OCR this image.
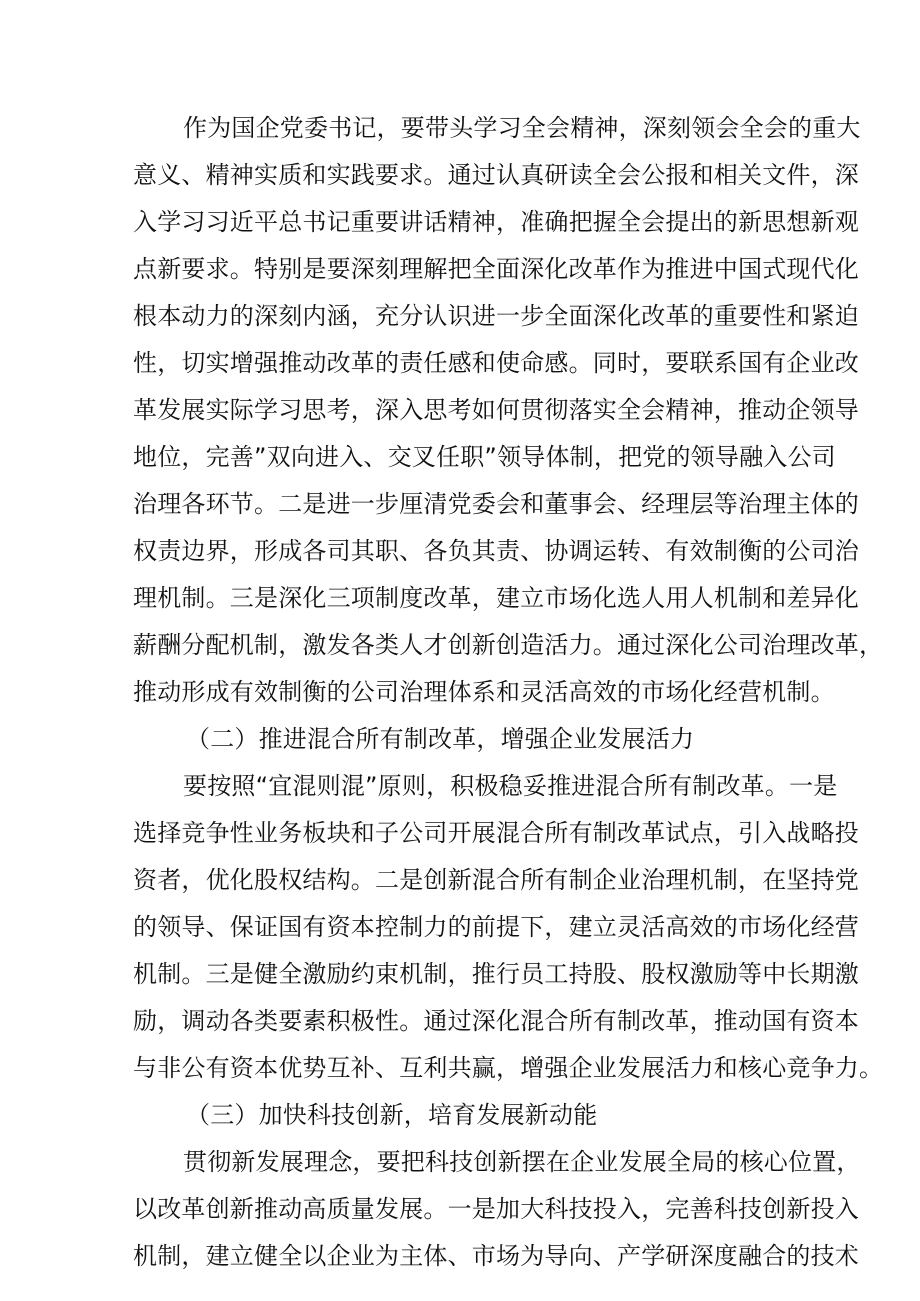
作为国企党委书记，要带头学习全会精神，深刻领会全会的重大
意义、精神实质和实践要求。通过认真研读全会公报和相关文件，深
入学习习近平总书记重要讲话精神，准确把握全会提出的新思想新观
点新要求。特别是要深刻理解把全面深化改革作为推进中国式现代化
根本动力的深刻内涵，充分认识进一步全面深化改革的重要性和紧迫
性，切实增强推动改革的责任感和使命感。同时，要联系国有企业改
革发展实际学习思考，深入思考如何贯彻落实全会精神，推动企领导
地位，完善”双向进入、交叉任职”领导体制，把党的领导融入公司
治理各环节。二是进一步厘清党委会和董事会、经理层等治理主体的
权责边界，形成各司其职、各负其责、协调运转、有效制衡的公司治
理机制。三是深化三项制度改革，建立市场化选人用人机制和差异化
薪酬分配机制，激发各类人才创新创造活力。通过深化公司治理改革，
推动形成有效制衡的公司治理体系和灵活高效的市场化经营机制。
（二）推进混合所有制改革，增强企业发展活力
要按照“宜混则混”原则，积极稳妥推进混合所有制改革。一是
选择竞争性业务板块和子公司开展混合所有制改革试点，引入战略投
资者，优化股权结构。二是创新混合所有制企业治理机制，在坚持党
的领导、保证国有资本控制力的前提下，建立灵活高效的市场化经营
机制。三是健全激励约束机制，推行员工持股、股权激励等中长期激
励，调动各类要素积极性。通过深化混合所有制改革，推动国有资本
与非公有资本优势互补、互利共赢，增强企业发展活力和核心竞争力。
（三）加快科技创新，培育发展新动能
贯彻新发展理念，要把科技创新摆在企业发展全局的核心位置，
以改革创新推动高质量发展。一是加大科技投入，完善科技创新投入
机制，建立健全以企业为主体、市场为导向、产学研深度融合的技术
